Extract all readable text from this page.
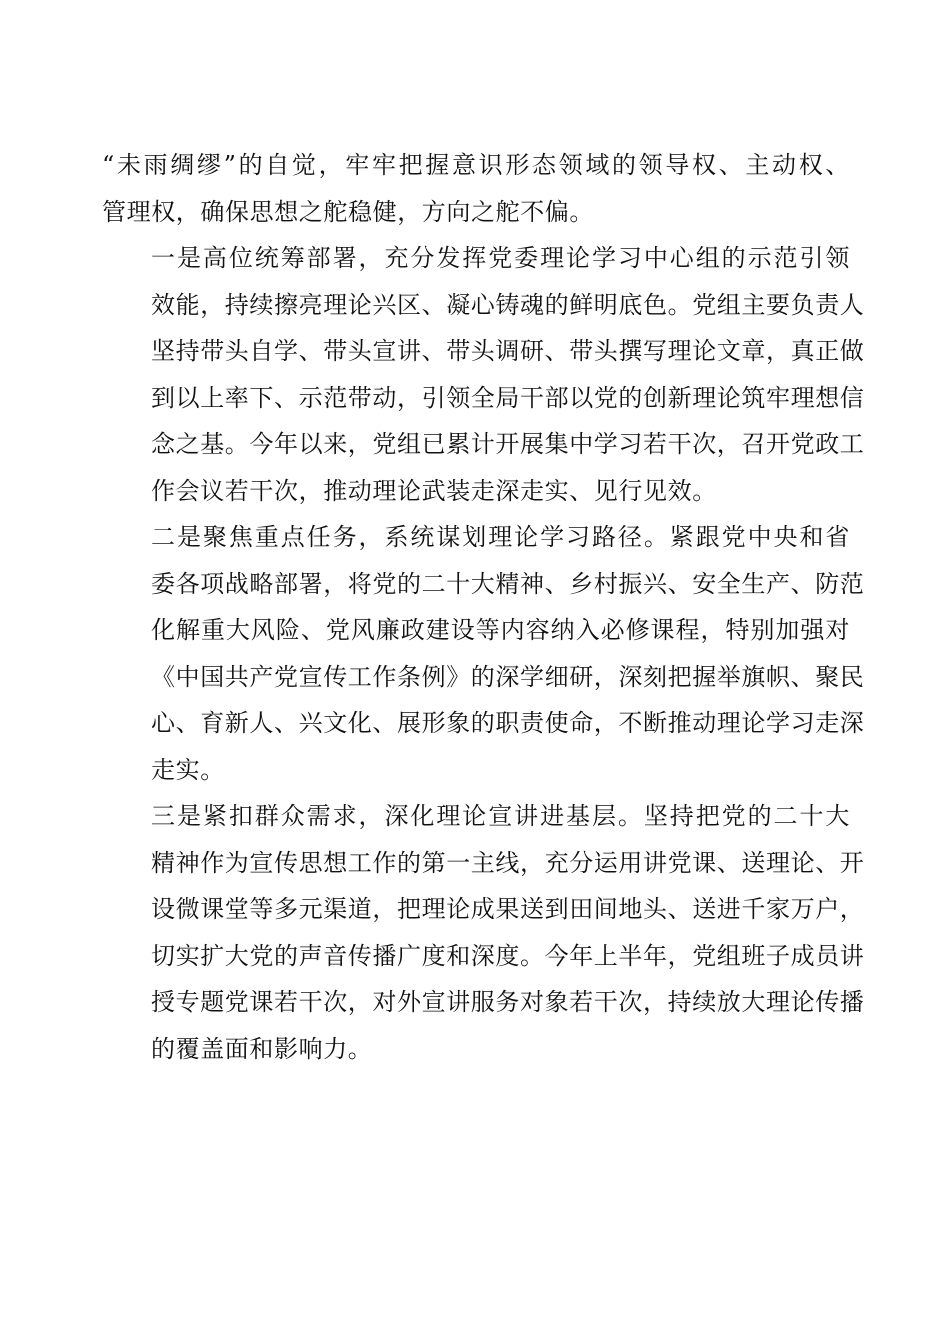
“未雨绸缪”的自觉，牢牢把握意识形态领域的领导权、主动权、
管理权，确保思想之舵稳健，方向之舵不偏。

一是高位统筹部署，充分发挥党委理论学习中心组的示范引领
效能，持续擦亮理论兴区、凝心铸魂的鲜明底色。党组主要负责人
坚持带头自学、带头宣讲、带头调研、带头撰写理论文章，真正做
到以上率下、示范带动，引领全局干部以党的创新理论筑牢理想信
念之基。今年以来，党组已累计开展集中学习若干次，召开党政工
作会议若干次，推动理论武装走深走实、见行见效。

二是聚焦重点任务，系统谋划理论学习路径。紧跟党中央和省
委各项战略部署，将党的二十大精神、乡村振兴、安全生产、防范
化解重大风险、党风廉政建设等内容纳入必修课程，特别加强对
《中国共产党宣传工作条例》的深学细研，深刻把握举旗帜、聚民
心、育新人、兴文化、展形象的职责使命，不断推动理论学习走深
走实。

三是紧扣群众需求，深化理论宣讲进基层。坚持把党的二十大
精神作为宣传思想工作的第一主线，充分运用讲党课、送理论、开
设微课堂等多元渠道，把理论成果送到田间地头、送进千家万户，
切实扩大党的声音传播广度和深度。今年上半年，党组班子成员讲
授专题党课若干次，对外宣讲服务对象若干次，持续放大理论传播
的覆盖面和影响力。
